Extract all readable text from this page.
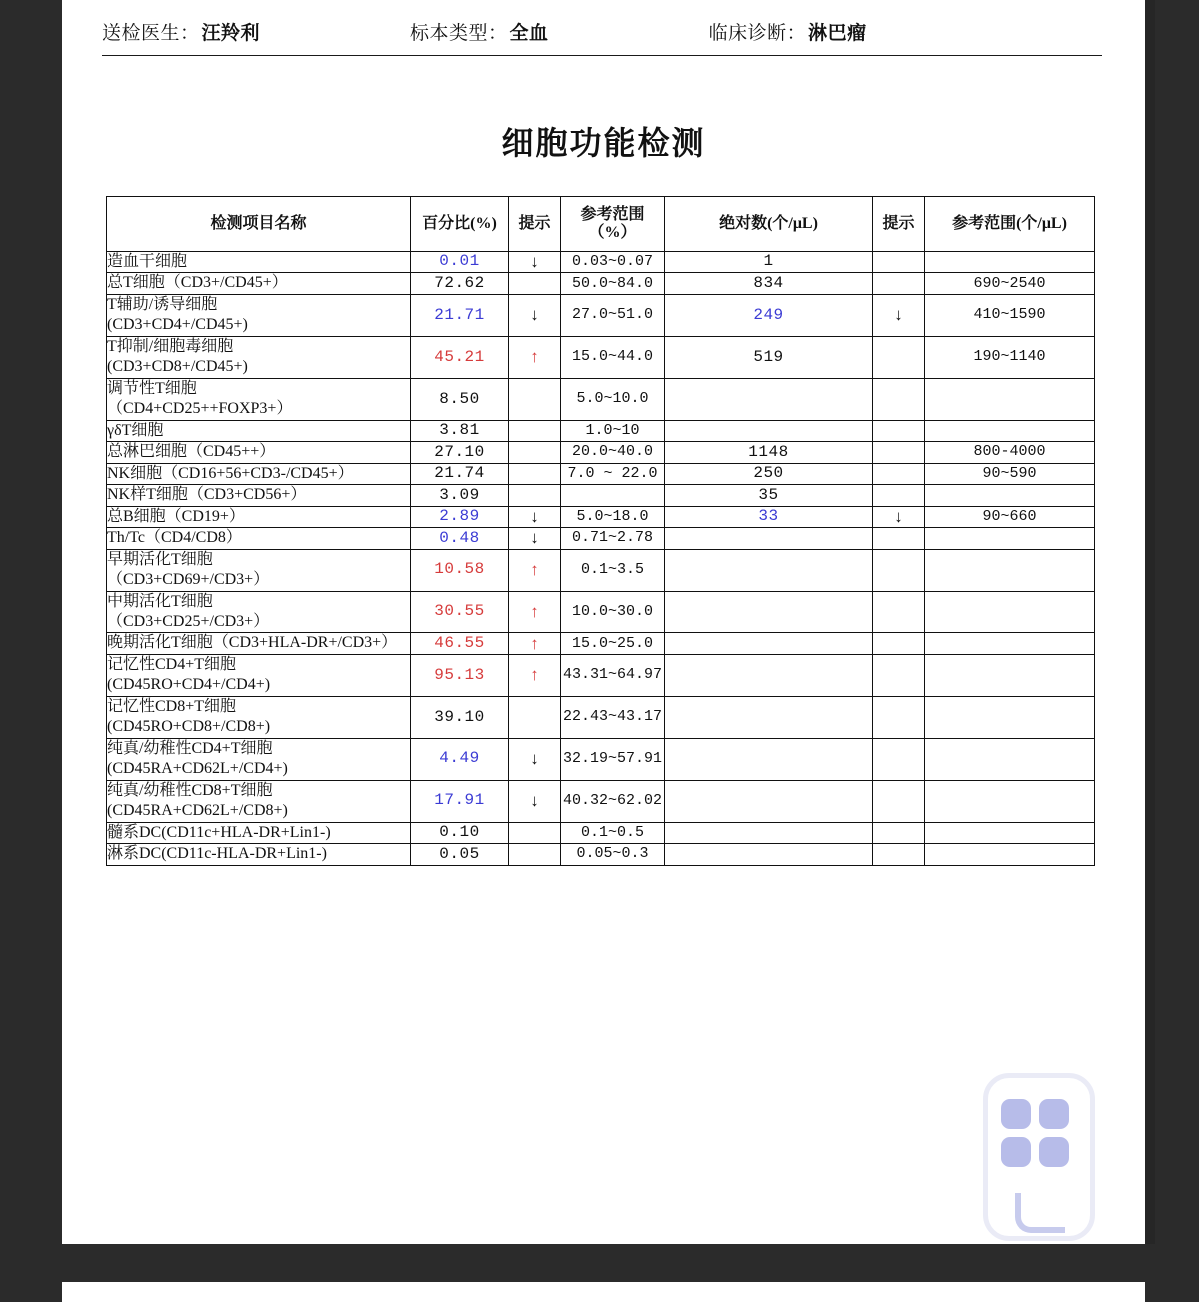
送检医生： 汪羚利	标本类型： 全血	临床诊断： 淋巴瘤
细胞功能检测
检测项目名称	百分比(%)	提示	参考范围（%）	绝对数(个/μL)	提示	参考范围(个/μL)
造血干细胞	0.01	↓	0.03~0.07	1		
总T细胞（CD3+/CD45+）	72.62		50.0~84.0	834		690~2540
T辅助/诱导细胞
(CD3+CD4+/CD45+)	21.71	↓	27.0~51.0	249	↓	410~1590
T抑制/细胞毒细胞
(CD3+CD8+/CD45+)	45.21	↑	15.0~44.0	519		190~1140
调节性T细胞
（CD4+CD25++FOXP3+）	8.50		5.0~10.0			
γδT细胞	3.81		1.0~10			
总淋巴细胞（CD45++）	27.10		20.0~40.0	1148		800-4000
NK细胞（CD16+56+CD3-/CD45+）	21.74		7.0 ~ 22.0	250		90~590
NK样T细胞（CD3+CD56+）	3.09			35		
总B细胞（CD19+）	2.89	↓	5.0~18.0	33	↓	90~660
Th/Tc（CD4/CD8）	0.48	↓	0.71~2.78			
早期活化T细胞
（CD3+CD69+/CD3+）	10.58	↑	0.1~3.5			
中期活化T细胞
（CD3+CD25+/CD3+）	30.55	↑	10.0~30.0			
晚期活化T细胞（CD3+HLA-DR+/CD3+）	46.55	↑	15.0~25.0			
记忆性CD4+T细胞
(CD45RO+CD4+/CD4+)	95.13	↑	43.31~64.97			
记忆性CD8+T细胞
(CD45RO+CD8+/CD8+)	39.10		22.43~43.17			
纯真/幼稚性CD4+T细胞
(CD45RA+CD62L+/CD4+)	4.49	↓	32.19~57.91			
纯真/幼稚性CD8+T细胞
(CD45RA+CD62L+/CD8+)	17.91	↓	40.32~62.02			
髓系DC(CD11c+HLA-DR+Lin1-)	0.10		0.1~0.5			
淋系DC(CD11c-HLA-DR+Lin1-)	0.05		0.05~0.3			
